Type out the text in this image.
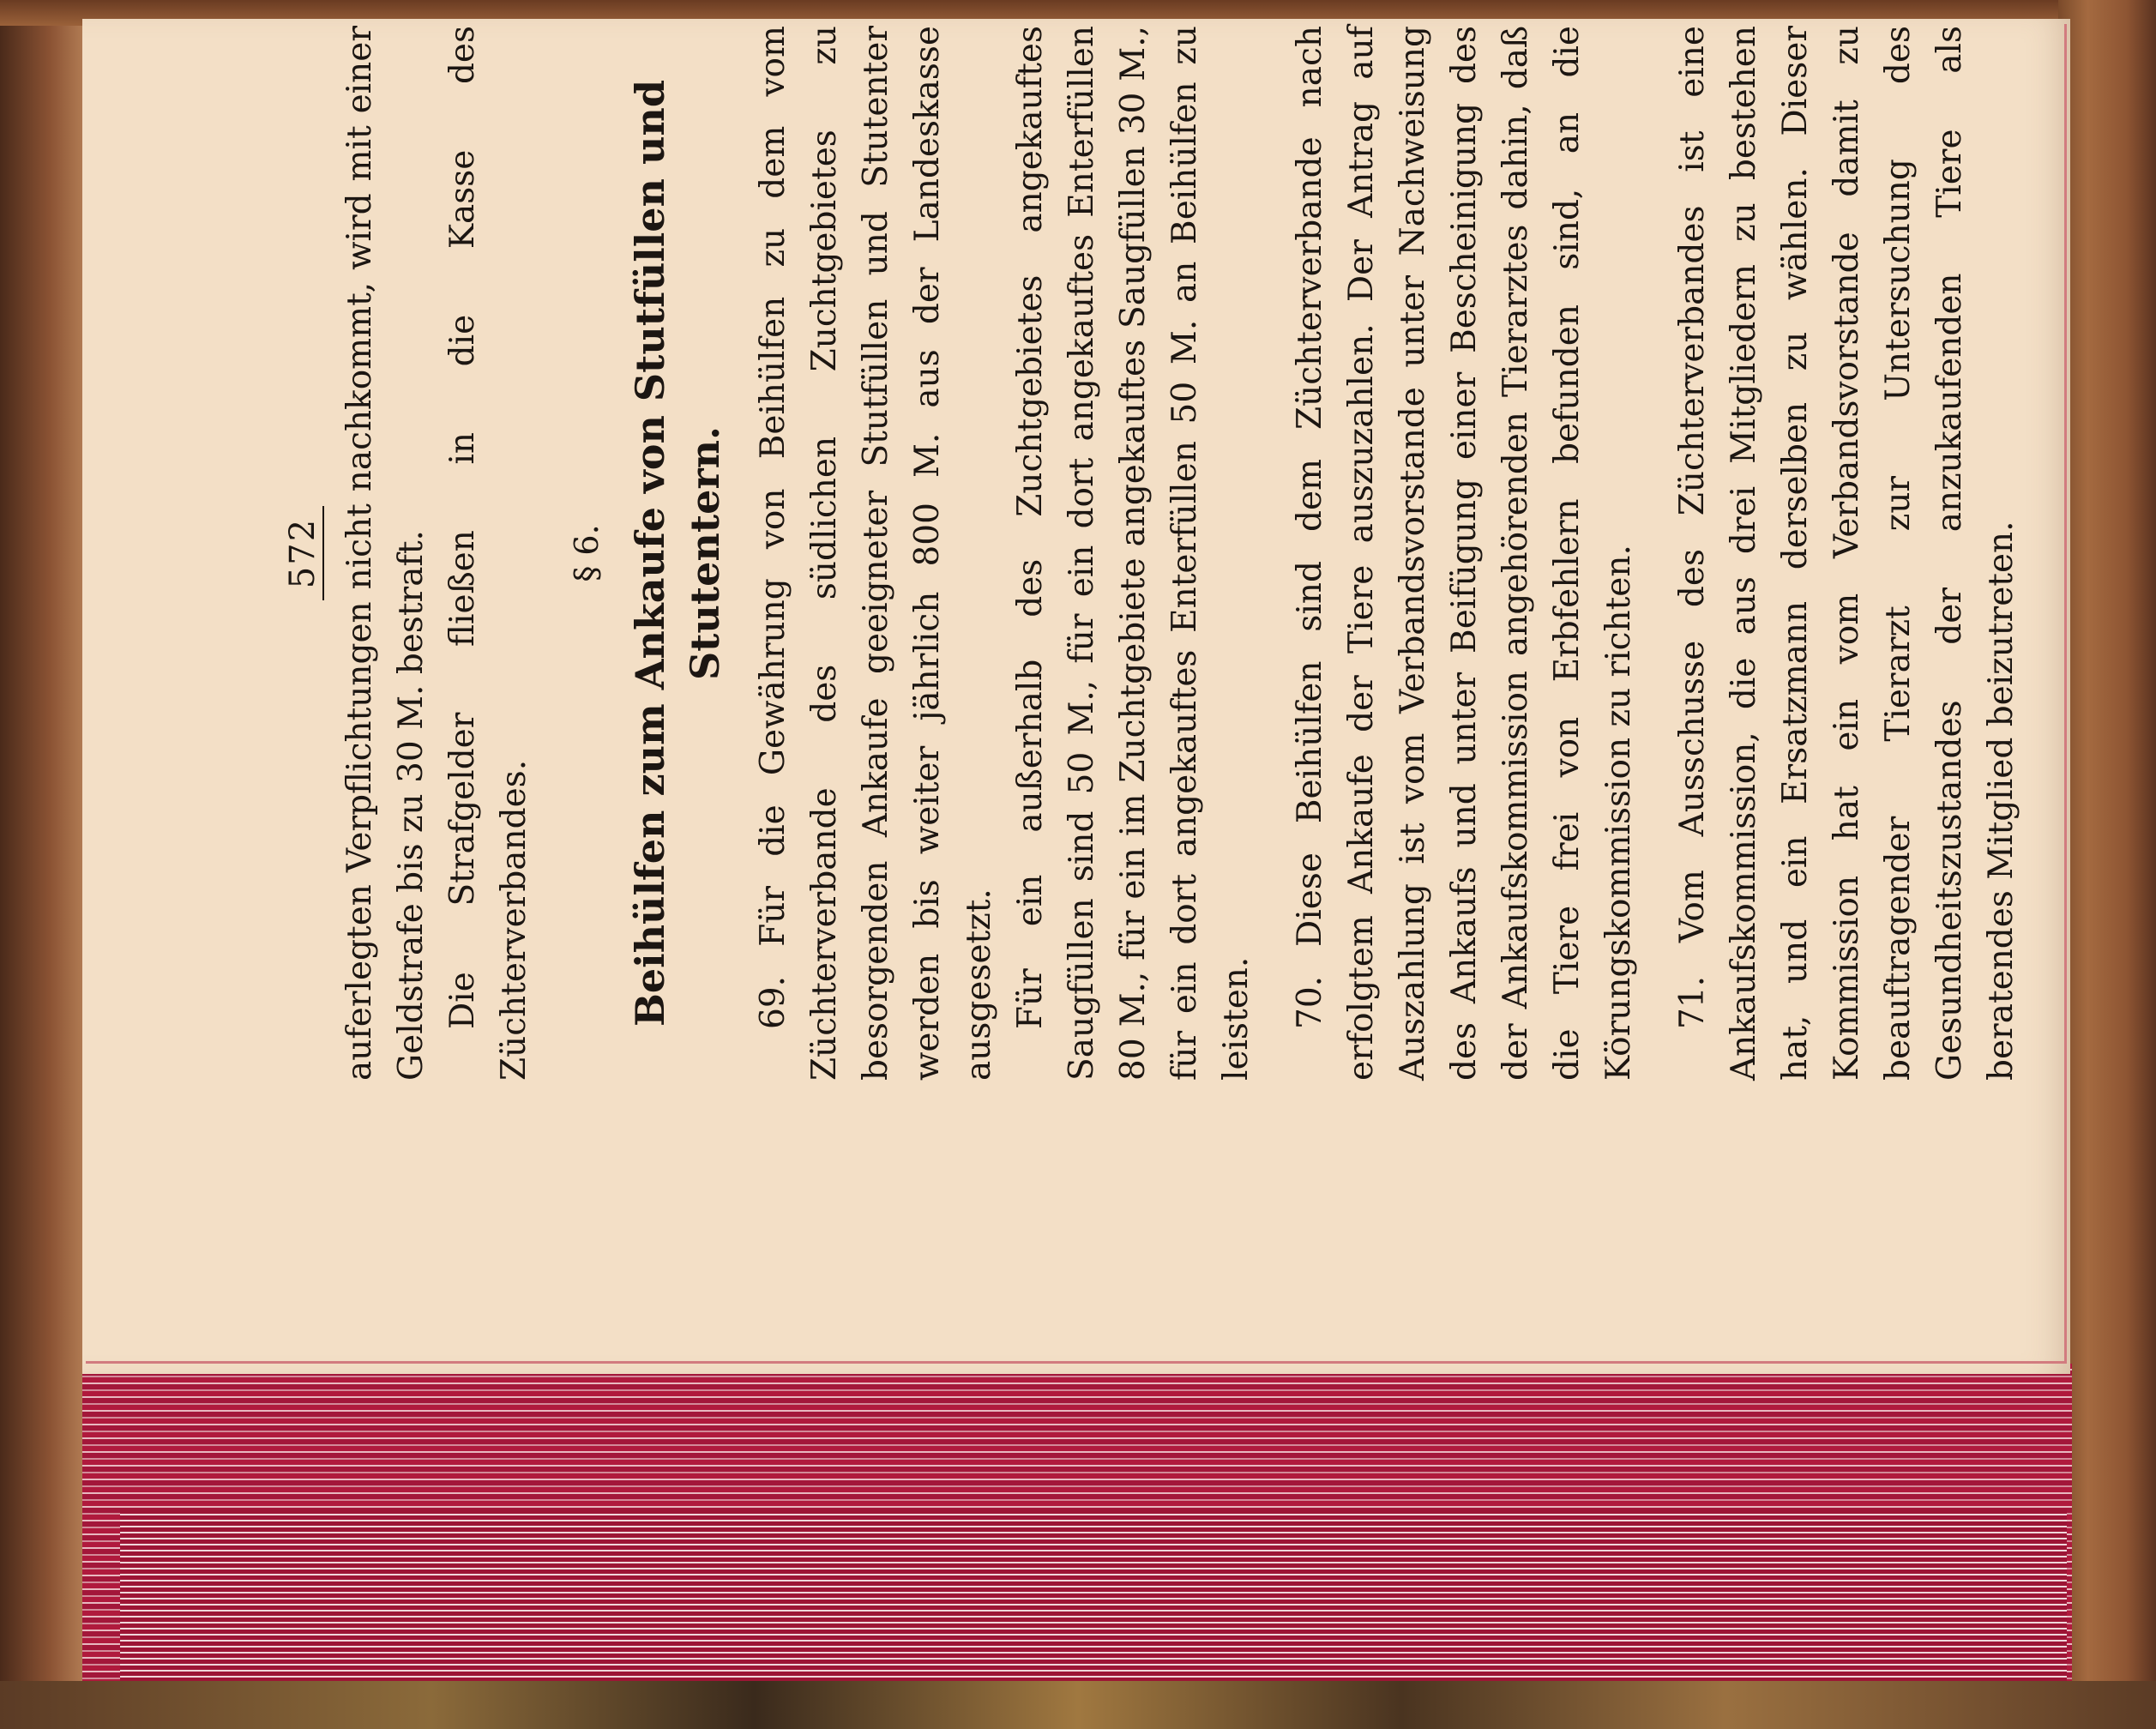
572 auferlegten Verpflichtungen nicht nachkommt, wird mit einer Geldstrafe bis zu 30 M. bestraft. Die Strafgelder fließen in die Kasse des Züchterverbandes.

§ 6. Beihülfen zum Ankaufe von Stutfüllen und Stutentern. 69. Für die Gewährung von Beihülfen zu dem vom Züchterverbande des südlichen Zuchtgebietes zu besorgenden Ankaufe geeigneter Stutfüllen und Stutenter werden bis weiter jährlich 800 M. aus der Landeskasse ausgesetzt. Für ein außerhalb des Zuchtgebietes angekauftes Saugfüllen sind 50 M., für ein dort angekauftes Enterfüllen 80 M., für ein im Zuchtgebiete angekauftes Saugfüllen 30 M., für ein dort angekauftes Enterfüllen 50 M. an Beihülfen zu leisten. 70. Diese Beihülfen sind dem Züchterverbande nach erfolgtem Ankaufe der Tiere auszuzahlen. Der Antrag auf Auszahlung ist vom Verbandsvorstande unter Nachweisung des Ankaufs und unter Beifügung einer Bescheinigung des der Ankaufskommission angehörenden Tierarztes dahin, daß die Tiere frei von Erbfehlern befunden sind, an die Körungskommission zu richten. 71. Vom Ausschusse des Züchterverbandes ist eine Ankaufskommission, die aus drei Mitgliedern zu bestehen hat, und ein Ersatzmann derselben zu wählen. Dieser Kommission hat ein vom Verbandsvorstande damit zu beauftragender Tierarzt zur Untersuchung des Gesundheitszustandes der anzukaufenden Tiere als beratendes Mitglied beizutreten.
